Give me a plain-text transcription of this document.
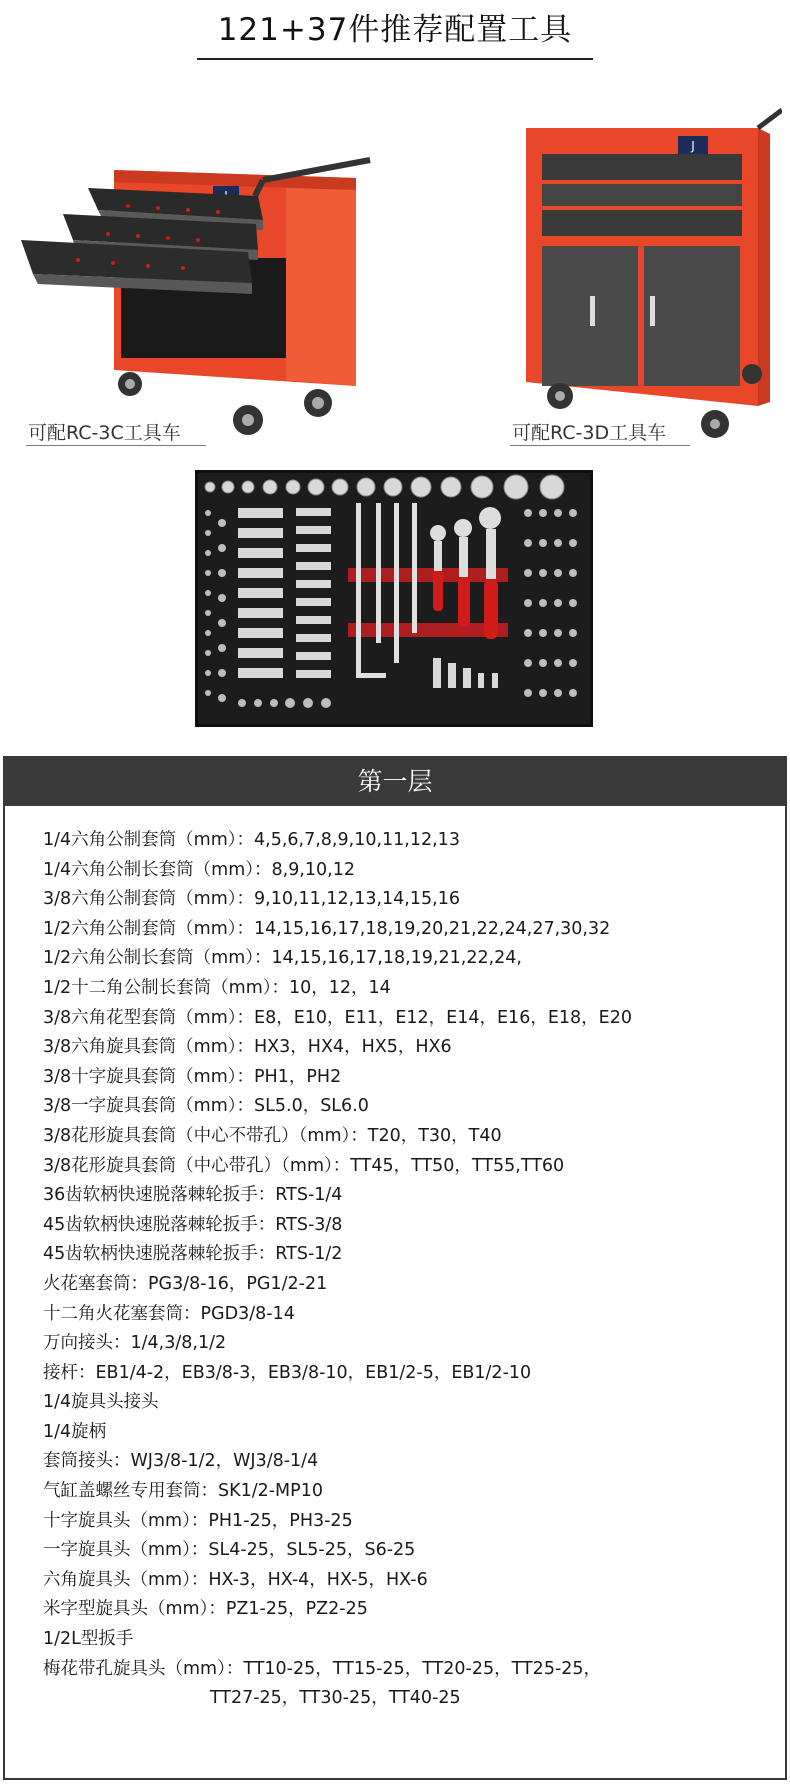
121+37件推荐配置工具
可配RC-3C工具车
J
可配RC-3D工具车
第一层
1/4六角公制套筒（mm）：4,5,6,7,8,9,10,11,12,13
1/4六角公制长套筒（mm）：8,9,10,12
3/8六角公制套筒（mm）：9,10,11,12,13,14,15,16
1/2六角公制套筒（mm）：14,15,16,17,18,19,20,21,22,24,27,30,32
1/2六角公制长套筒（mm）：14,15,16,17,18,19,21,22,24,
1/2十二角公制长套筒（mm）：10，12，14
3/8六角花型套筒（mm）：E8，E10，E11，E12，E14，E16，E18，E20
3/8六角旋具套筒（mm）：HX3，HX4，HX5，HX6
3/8十字旋具套筒（mm）：PH1，PH2
3/8一字旋具套筒（mm）：SL5.0，SL6.0
3/8花形旋具套筒（中心不带孔）（mm）：T20，T30，T40
3/8花形旋具套筒（中心带孔）（mm）：TT45，TT50，TT55,TT60
36齿软柄快速脱落棘轮扳手：RTS-1/4
45齿软柄快速脱落棘轮扳手：RTS-3/8
45齿软柄快速脱落棘轮扳手：RTS-1/2
火花塞套筒：PG3/8-16，PG1/2-21
十二角火花塞套筒：PGD3/8-14
万向接头：1/4,3/8,1/2
接杆：EB1/4-2，EB3/8-3，EB3/8-10，EB1/2-5，EB1/2-10
1/4旋具头接头
1/4旋柄
套筒接头：WJ3/8-1/2，WJ3/8-1/4
气缸盖螺丝专用套筒：SK1/2-MP10
十字旋具头（mm）：PH1-25，PH3-25
一字旋具头（mm）：SL4-25，SL5-25，S6-25
六角旋具头（mm）：HX-3，HX-4，HX-5，HX-6
米字型旋具头（mm）：PZ1-25，PZ2-25
1/2L型扳手
梅花带孔旋具头（mm）：TT10-25，TT15-25，TT20-25，TT25-25，
TT27-25，TT30-25，TT40-25
